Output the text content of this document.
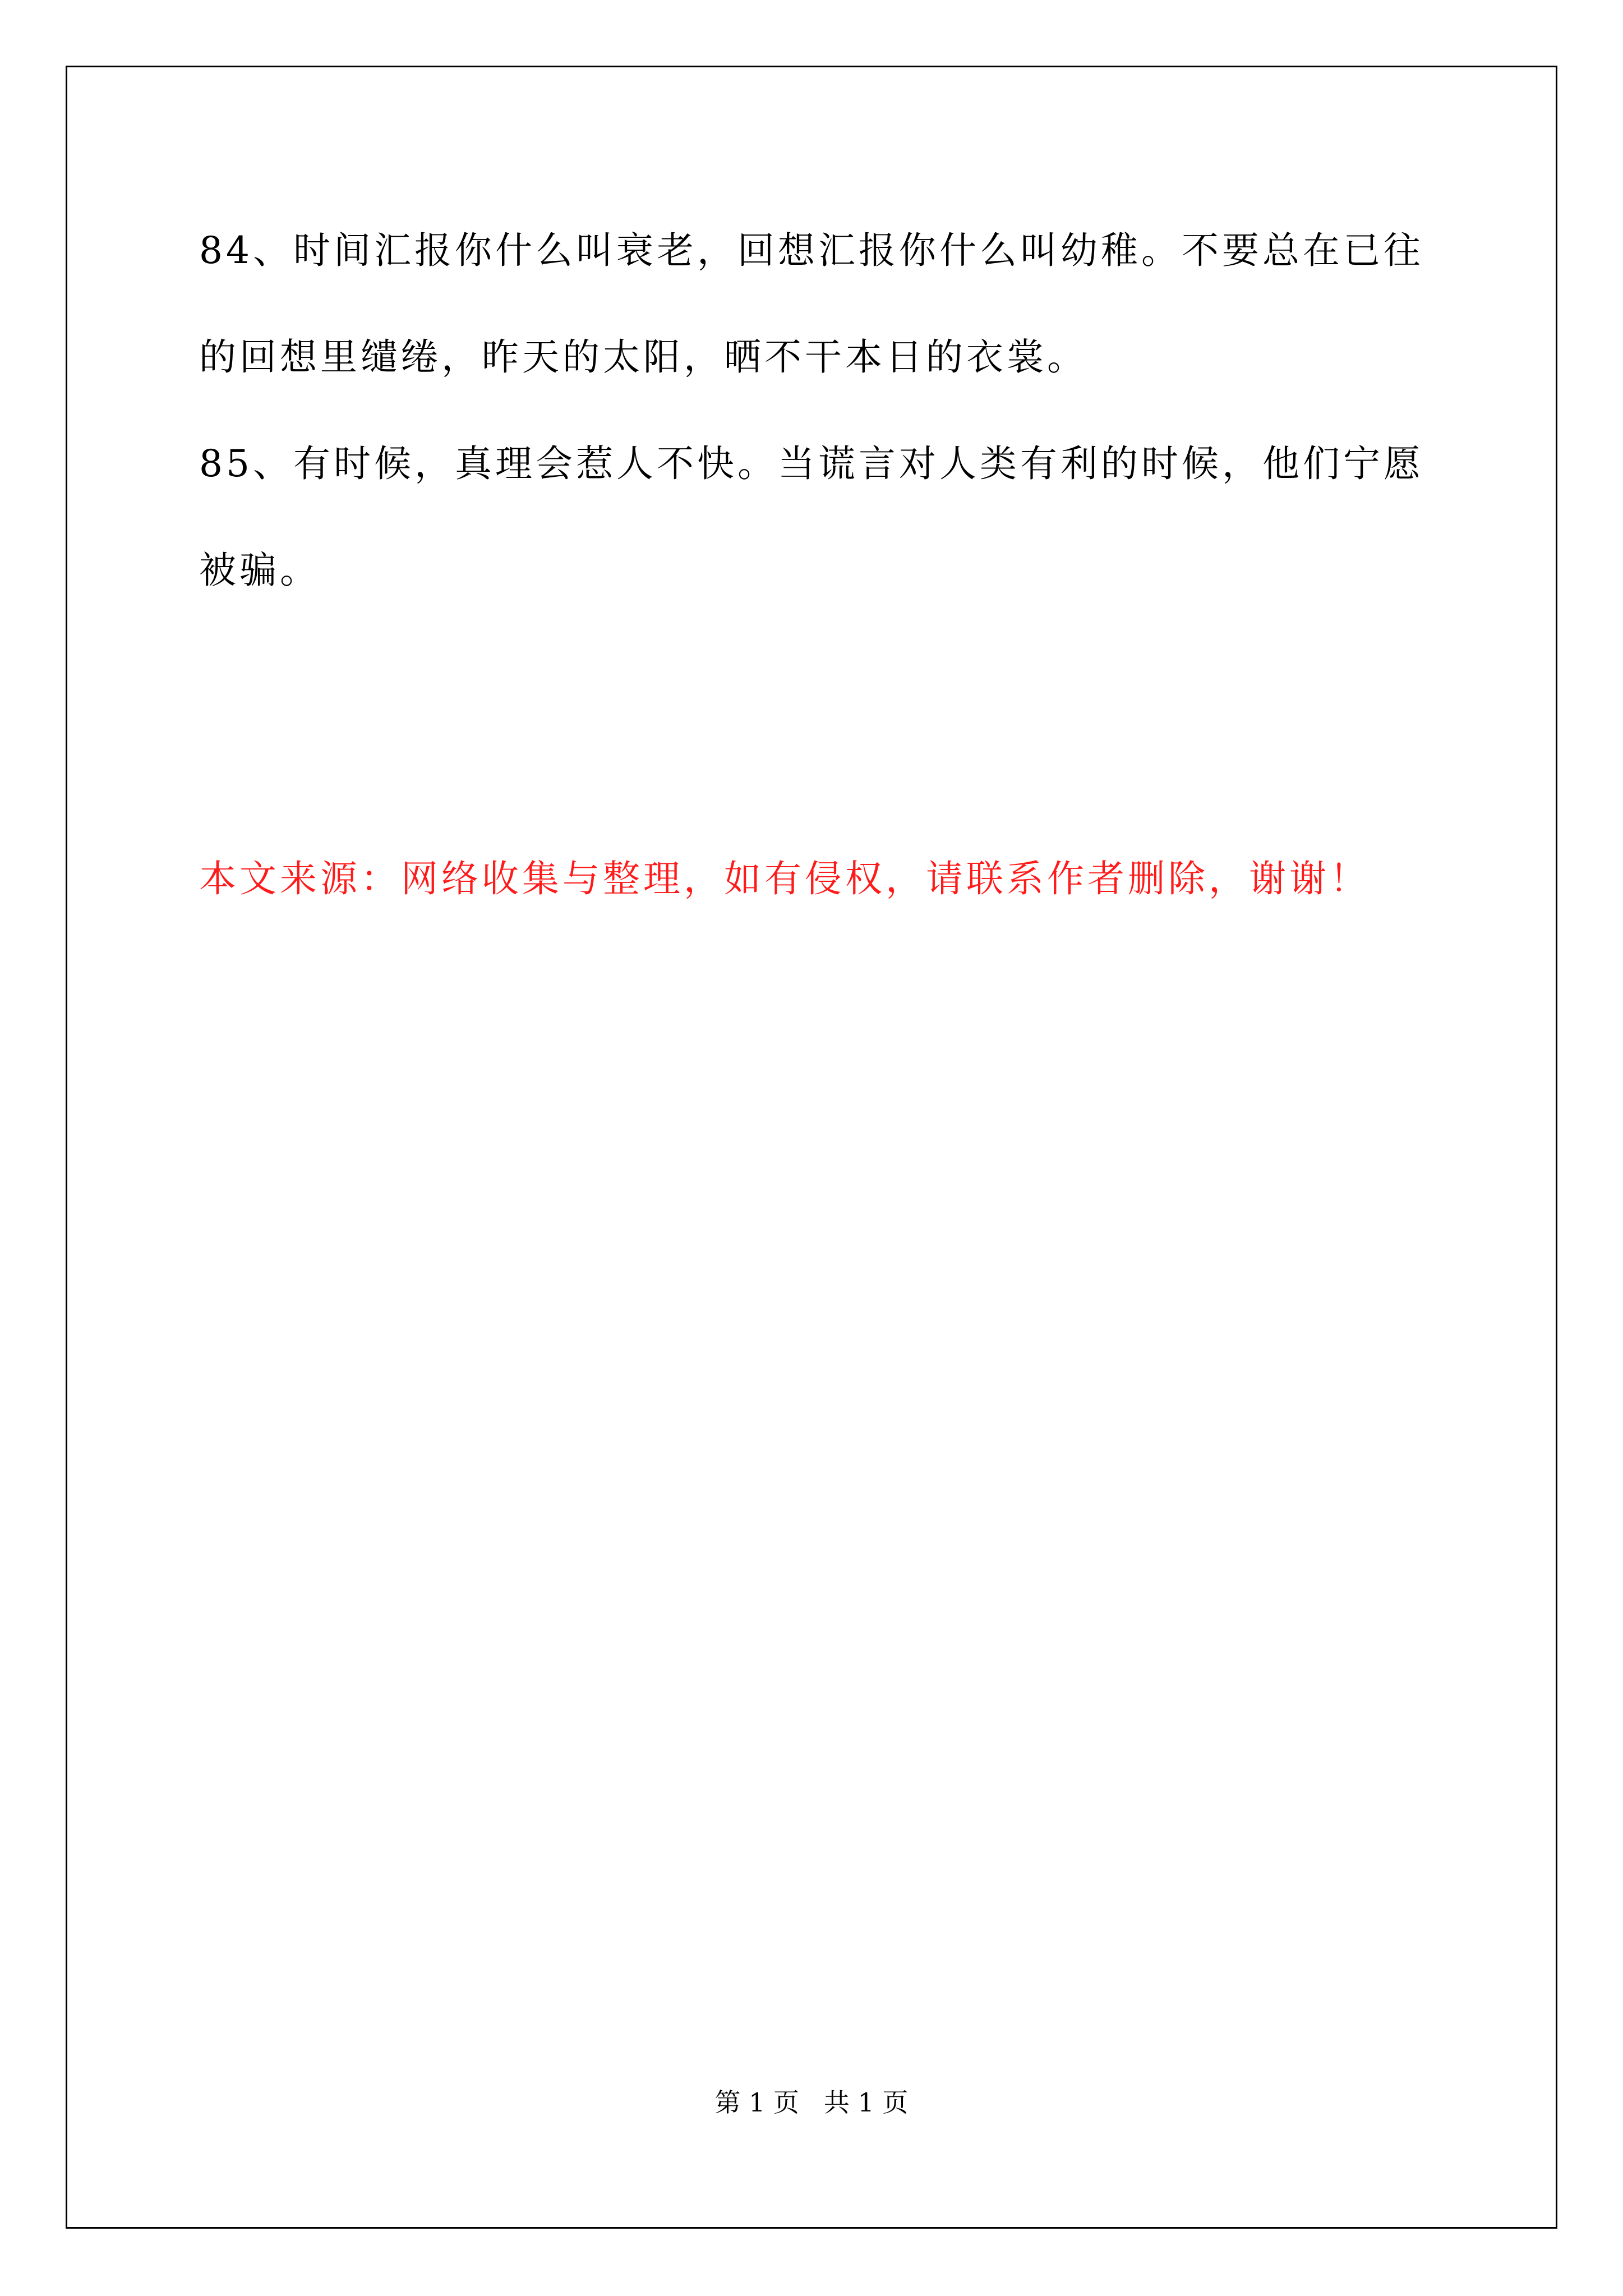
84、时间汇报你什么叫衰老，回想汇报你什么叫幼稚。不要总在已往
的回想里缱绻，昨天的太阳，晒不干本日的衣裳。
85、有时候，真理会惹人不快。当谎言对人类有利的时候，他们宁愿
被骗。
本文来源：网络收集与整理，如有侵权，请联系作者删除，谢谢！
第 1 页   共 1 页
